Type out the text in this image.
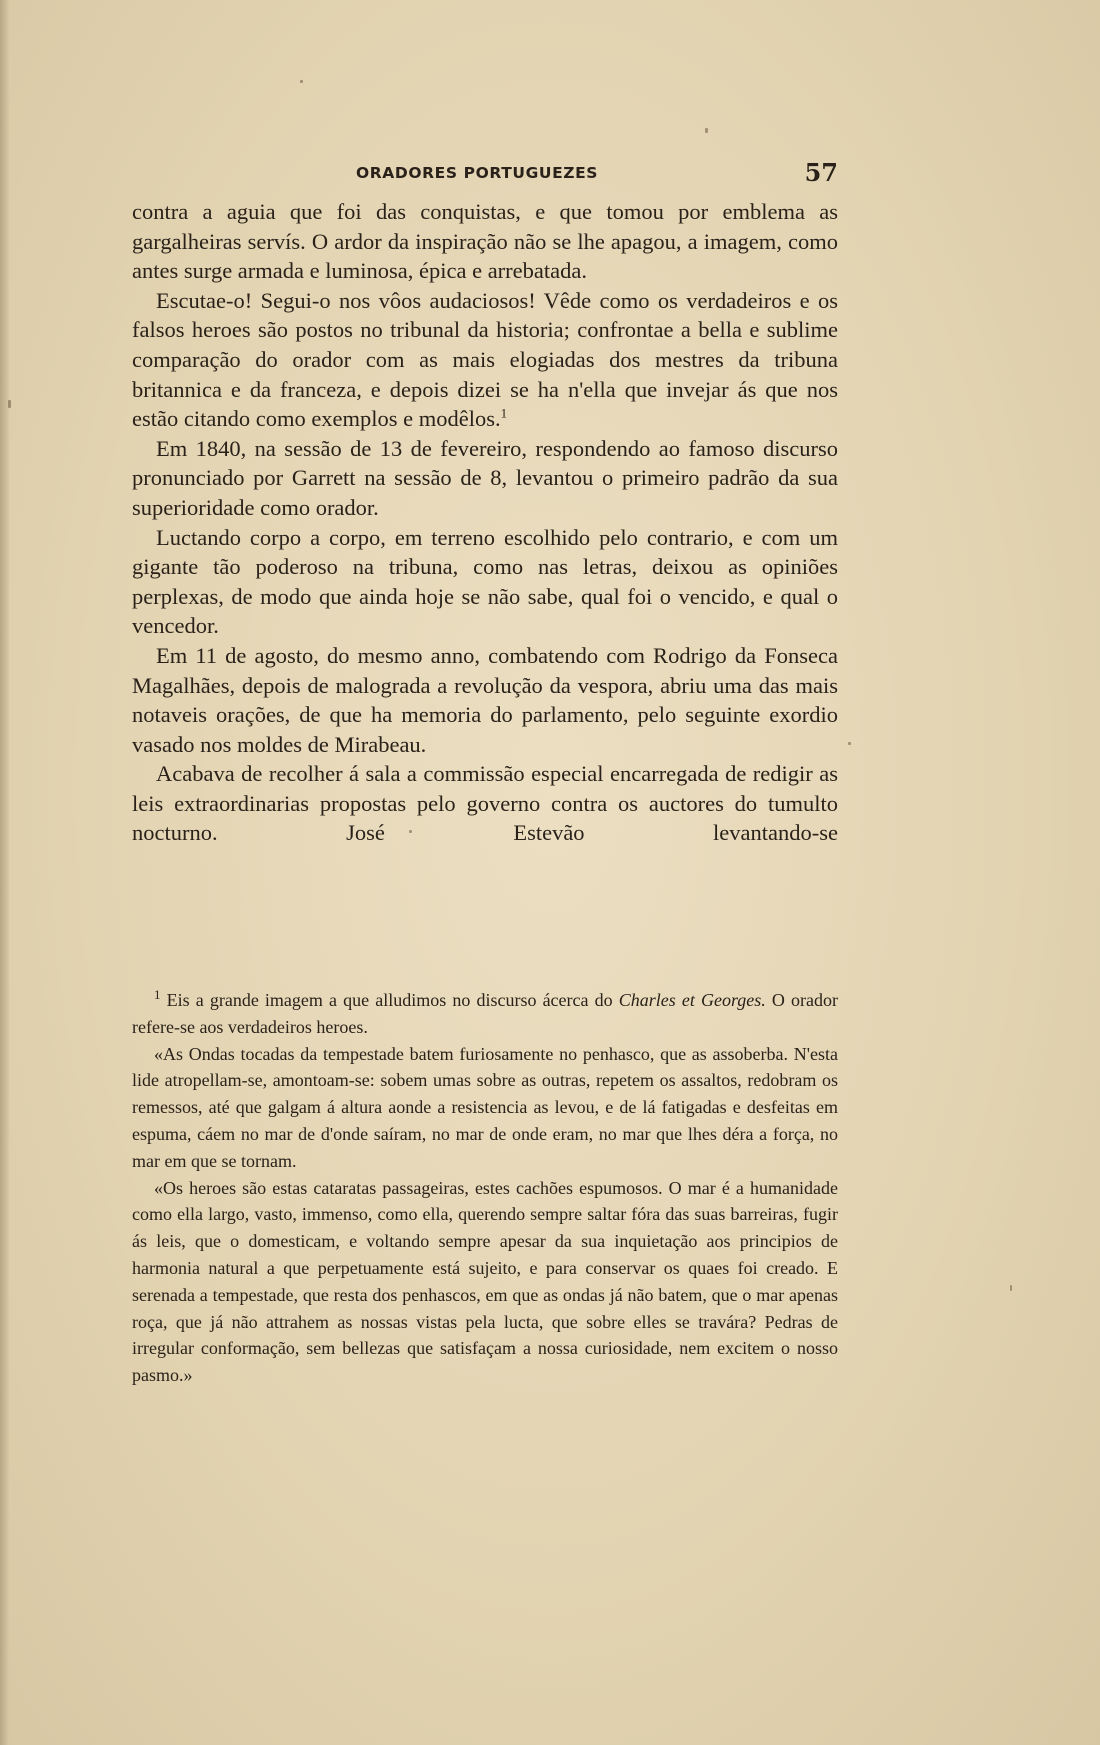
ORADORES PORTUGUEZES	57

contra a aguia que foi das conquistas, e que tomou por emblema as gargalheiras servís. O ardor da inspiração não se lhe apagou, a imagem, como antes surge armada e luminosa, épica e arrebatada.

Escutae-o! Segui-o nos vôos audaciosos! Vêde como os verdadeiros e os falsos heroes são postos no tribunal da historia; confrontae a bella e sublime comparação do orador com as mais elogiadas dos mestres da tribuna britannica e da franceza, e depois dizei se ha n'ella que invejar ás que nos estão citando como exemplos e modêlos.$^1$

Em 1840, na sessão de 13 de fevereiro, respondendo ao famoso discurso pronunciado por Garrett na sessão de 8, levantou o primeiro padrão da sua superioridade como orador.

Luctando corpo a corpo, em terreno escolhido pelo contrario, e com um gigante tão poderoso na tribuna, como nas letras, deixou as opiniões perplexas, de modo que ainda hoje se não sabe, qual foi o vencido, e qual o vencedor.

Em 11 de agosto, do mesmo anno, combatendo com Rodrigo da Fonseca Magalhães, depois de malograda a revolução da vespora, abriu uma das mais notaveis orações, de que ha memoria do parlamento, pelo seguinte exordio vasado nos moldes de Mirabeau.

Acabava de recolher á sala a commissão especial encarregada de redigir as leis extraordinarias propostas pelo governo contra os auctores do tumulto nocturno. José Estevão levantando-se

$^1$ Eis a grande imagem a que alludimos no discurso ácerca do Charles et Georges. O orador refere-se aos verdadeiros heroes.

«As Ondas tocadas da tempestade batem furiosamente no penhasco, que as assoberba. N'esta lide atropellam-se, amontoam-se: sobem umas sobre as outras, repetem os assaltos, redobram os remessos, até que galgam á altura aonde a resistencia as levou, e de lá fatigadas e desfeitas em espuma, cáem no mar de d'onde saíram, no mar de onde eram, no mar que lhes déra a força, no mar em que se tornam.

«Os heroes são estas cataratas passageiras, estes cachões espumosos. O mar é a humanidade como ella largo, vasto, immenso, como ella, querendo sempre saltar fóra das suas barreiras, fugir ás leis, que o domesticam, e voltando sempre apesar da sua inquietação aos principios de harmonia natural a que perpetuamente está sujeito, e para conservar os quaes foi creado. E serenada a tempestade, que resta dos penhascos, em que as ondas já não batem, que o mar apenas roça, que já não attrahem as nossas vistas pela lucta, que sobre elles se travára? Pedras de irregular conformação, sem bellezas que satisfaçam a nossa curiosidade, nem excitem o nosso pasmo.»
